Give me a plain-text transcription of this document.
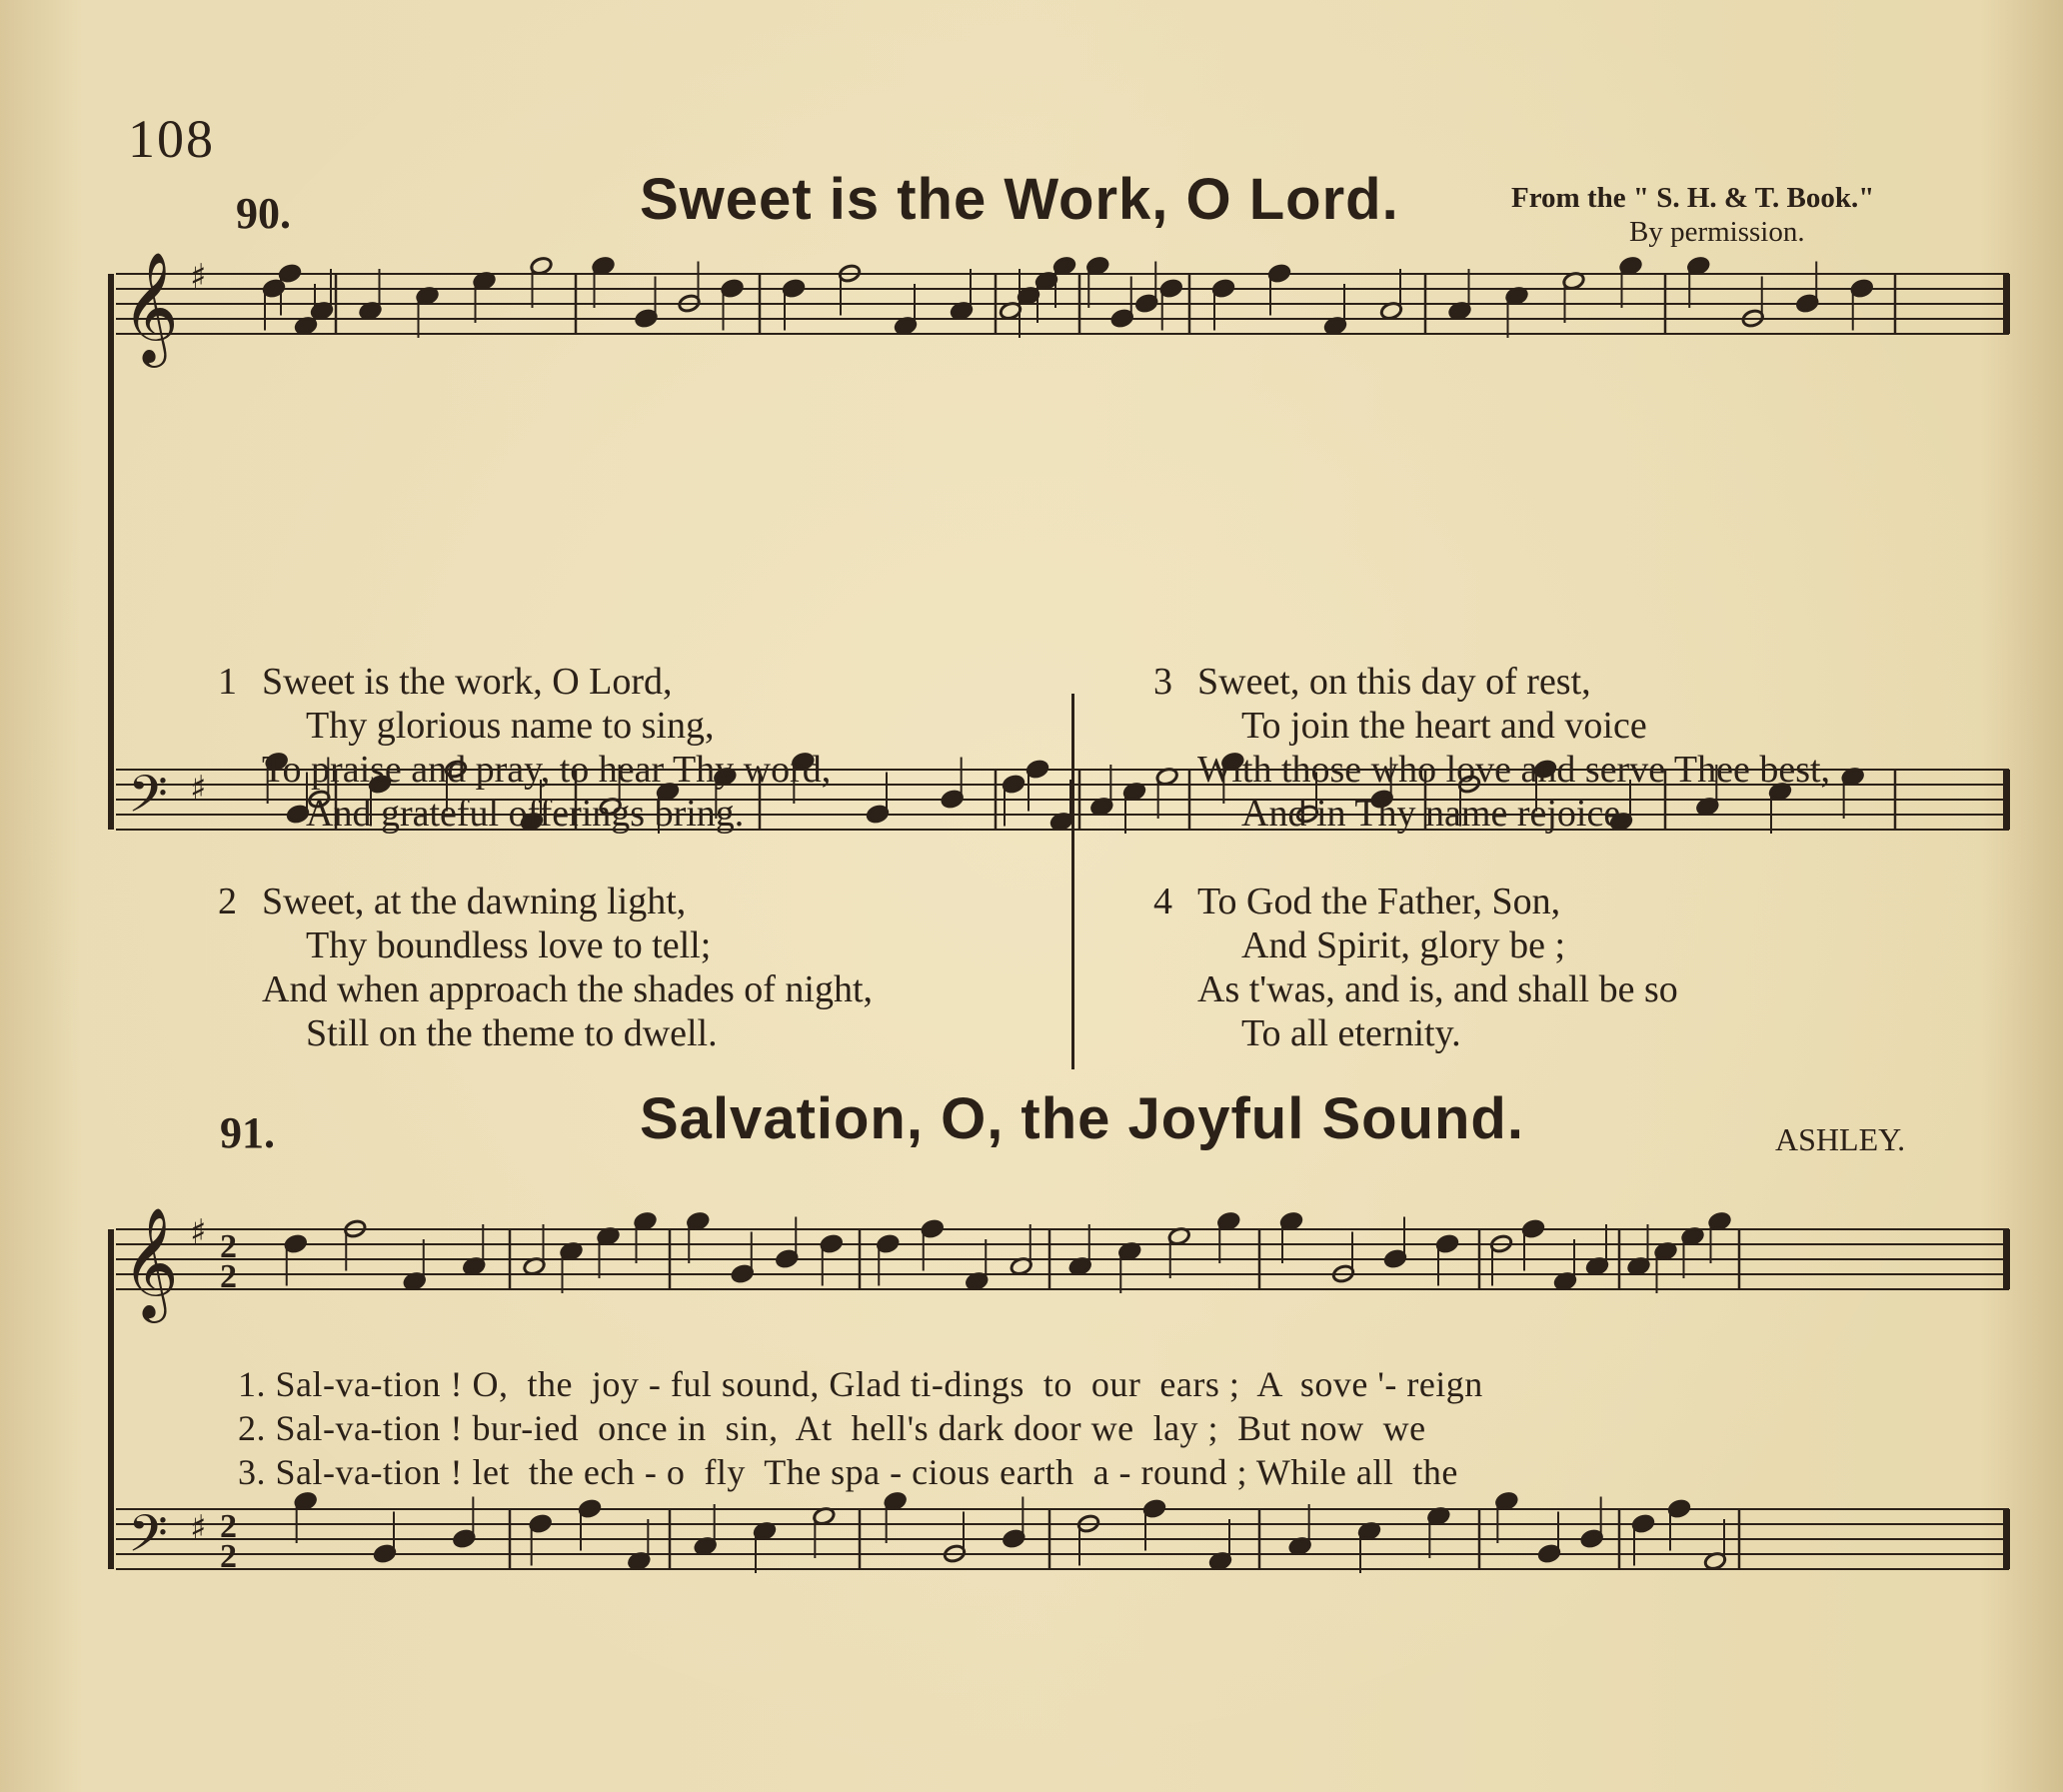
108
90.	Sweet is the Work, O Lord.	From the " S. H. & T. Book."
By permission.
𝄞
𝄢
♯
♯
1 Sweet is the work, O Lord,
Thy glorious name to sing,
To praise and pray, to hear Thy word,
And grateful offerings bring.
2 Sweet, at the dawning light,
Thy boundless love to tell;
And when approach the shades of night,
Still on the theme to dwell.
3 Sweet, on this day of rest,
To join the heart and voice
With those who love and serve Thee best,
And in Thy name rejoice.
4 To God the Father, Son,
And Spirit, glory be ;
As t'was, and is, and shall be so
To all eternity.
91.	Salvation, O, the Joyful Sound.	ASHLEY.
𝄞
𝄢
♯
♯
2
2
2
2
1. Sal-va-tion ! O,  the  joy - ful sound, Glad ti-dings  to  our  ears ;  A  sove '- reign
2. Sal-va-tion ! bur-ied  once in  sin,  At  hell's dark door we  lay ;  But now  we
3. Sal-va-tion ! let  the ech - o  fly  The spa - cious earth  a - round ; While all  the
